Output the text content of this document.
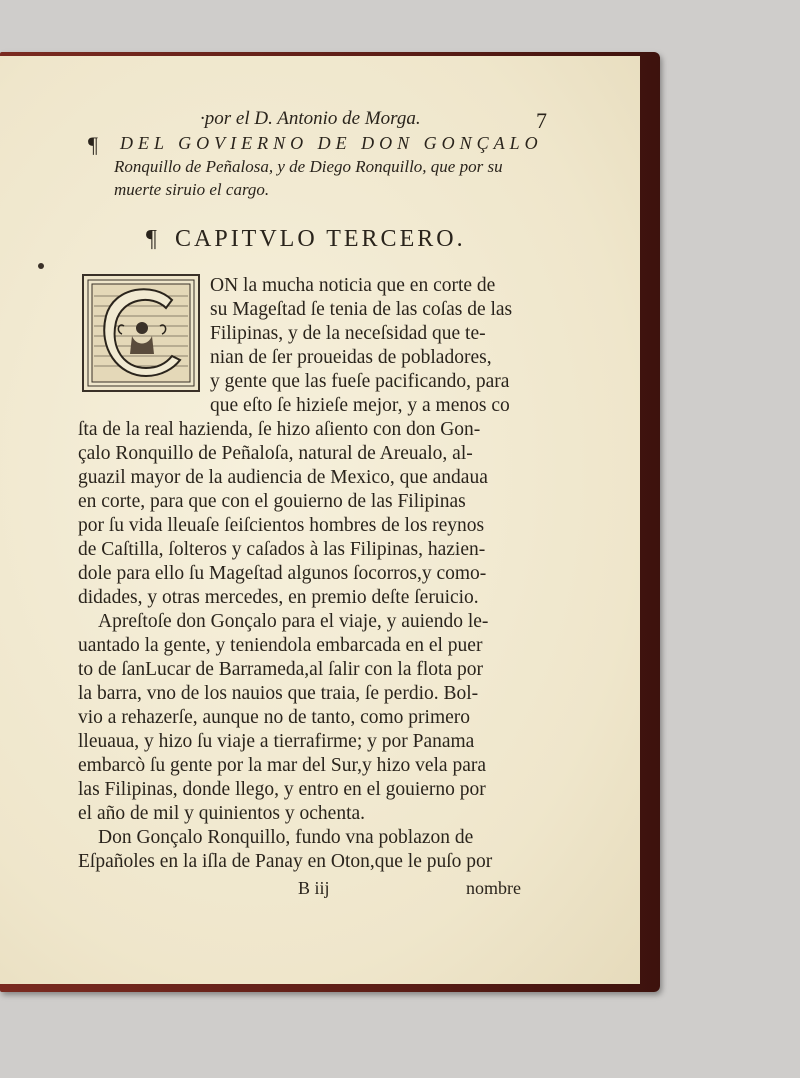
·por el D. Antonio de Morga.	7
¶ DEL GOVIERNO DE DON GONÇALO
Ronquillo de Peñalosa, y de Diego Ronquillo, que por su
muerte siruio el cargo.
¶ CAPITVLO TERCERO.
ON la mucha noticia que en corte de
su Mageſtad ſe tenia de las coſas de las
Filipinas, y de la neceſsidad que te-
nian de ſer proueidas de pobladores,
y gente que las fueſe pacificando, para
que eſto ſe hizieſe mejor, y a menos co
ſta de la real hazienda, ſe hizo aſiento con don Gon-
çalo Ronquillo de Peñaloſa, natural de Areualo, al-
guazil mayor de la audiencia de Mexico, que andaua
en corte, para que con el gouierno de las Filipinas
por ſu vida lleuaſe ſeiſcientos hombres de los reynos
de Caſtilla, ſolteros y caſados à las Filipinas, hazien-
dole para ello ſu Mageſtad algunos ſocorros,y como-
didades, y otras mercedes, en premio deſte ſeruicio.
Apreſtoſe don Gonçalo para el viaje, y auiendo le-
uantado la gente, y teniendola embarcada en el puer
to de ſanLucar de Barrameda,al ſalir con la flota por
la barra, vno de los nauios que traia, ſe perdio. Bol-
vio a rehazerſe, aunque no de tanto, como primero
lleuaua, y hizo ſu viaje a tierrafirme; y por Panama
embarcò ſu gente por la mar del Sur,y hizo vela para
las Filipinas, donde llego, y entro en el gouierno por
el año de mil y quinientos y ochenta.
Don Gonçalo Ronquillo, fundo vna poblazon de
Eſpañoles en la iſla de Panay en Oton,que le puſo por
B iij	nombre
